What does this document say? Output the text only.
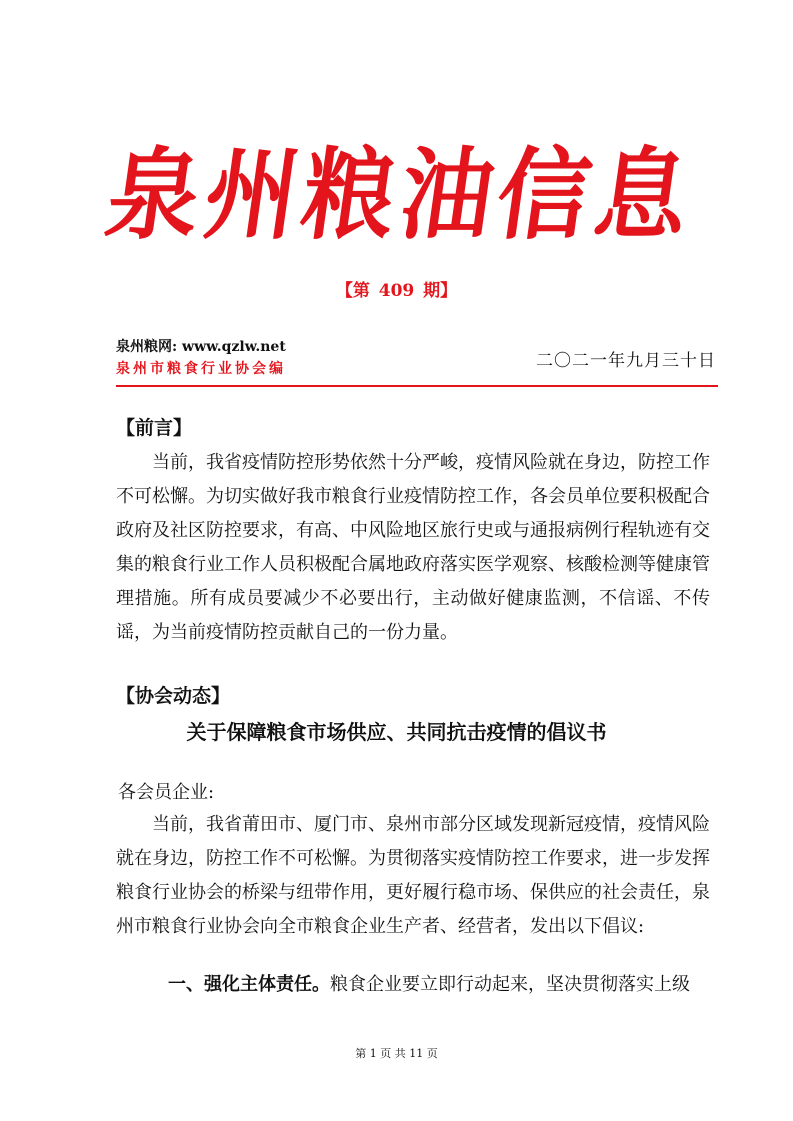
泉
州
粮
油
信
息
【第 409 期】
泉州粮网: www.qzlw.net
泉州市粮食行业协会编	二〇二一年九月三十日
【前言】

当前，我省疫情防控形势依然十分严峻，疫情风险就在身边，防控工作不可松懈。为切实做好我市粮食行业疫情防控工作，各会员单位要积极配合政府及社区防控要求，有高、中风险地区旅行史或与通报病例行程轨迹有交集的粮食行业工作人员积极配合属地政府落实医学观察、核酸检测等健康管理措施。所有成员要减少不必要出行，主动做好健康监测，不信谣、不传谣，为当前疫情防控贡献自己的一份力量。

【协会动态】
关于保障粮食市场供应、共同抗击疫情的倡议书
各会员企业:

当前，我省莆田市、厦门市、泉州市部分区域发现新冠疫情，疫情风险就在身边，防控工作不可松懈。为贯彻落实疫情防控工作要求，进一步发挥粮食行业协会的桥梁与纽带作用，更好履行稳市场、保供应的社会责任，泉州市粮食行业协会向全市粮食企业生产者、经营者，发出以下倡议:

一、强化主体责任。粮食企业要立即行动起来，坚决贯彻落实上级
第 1 页 共 11 页
